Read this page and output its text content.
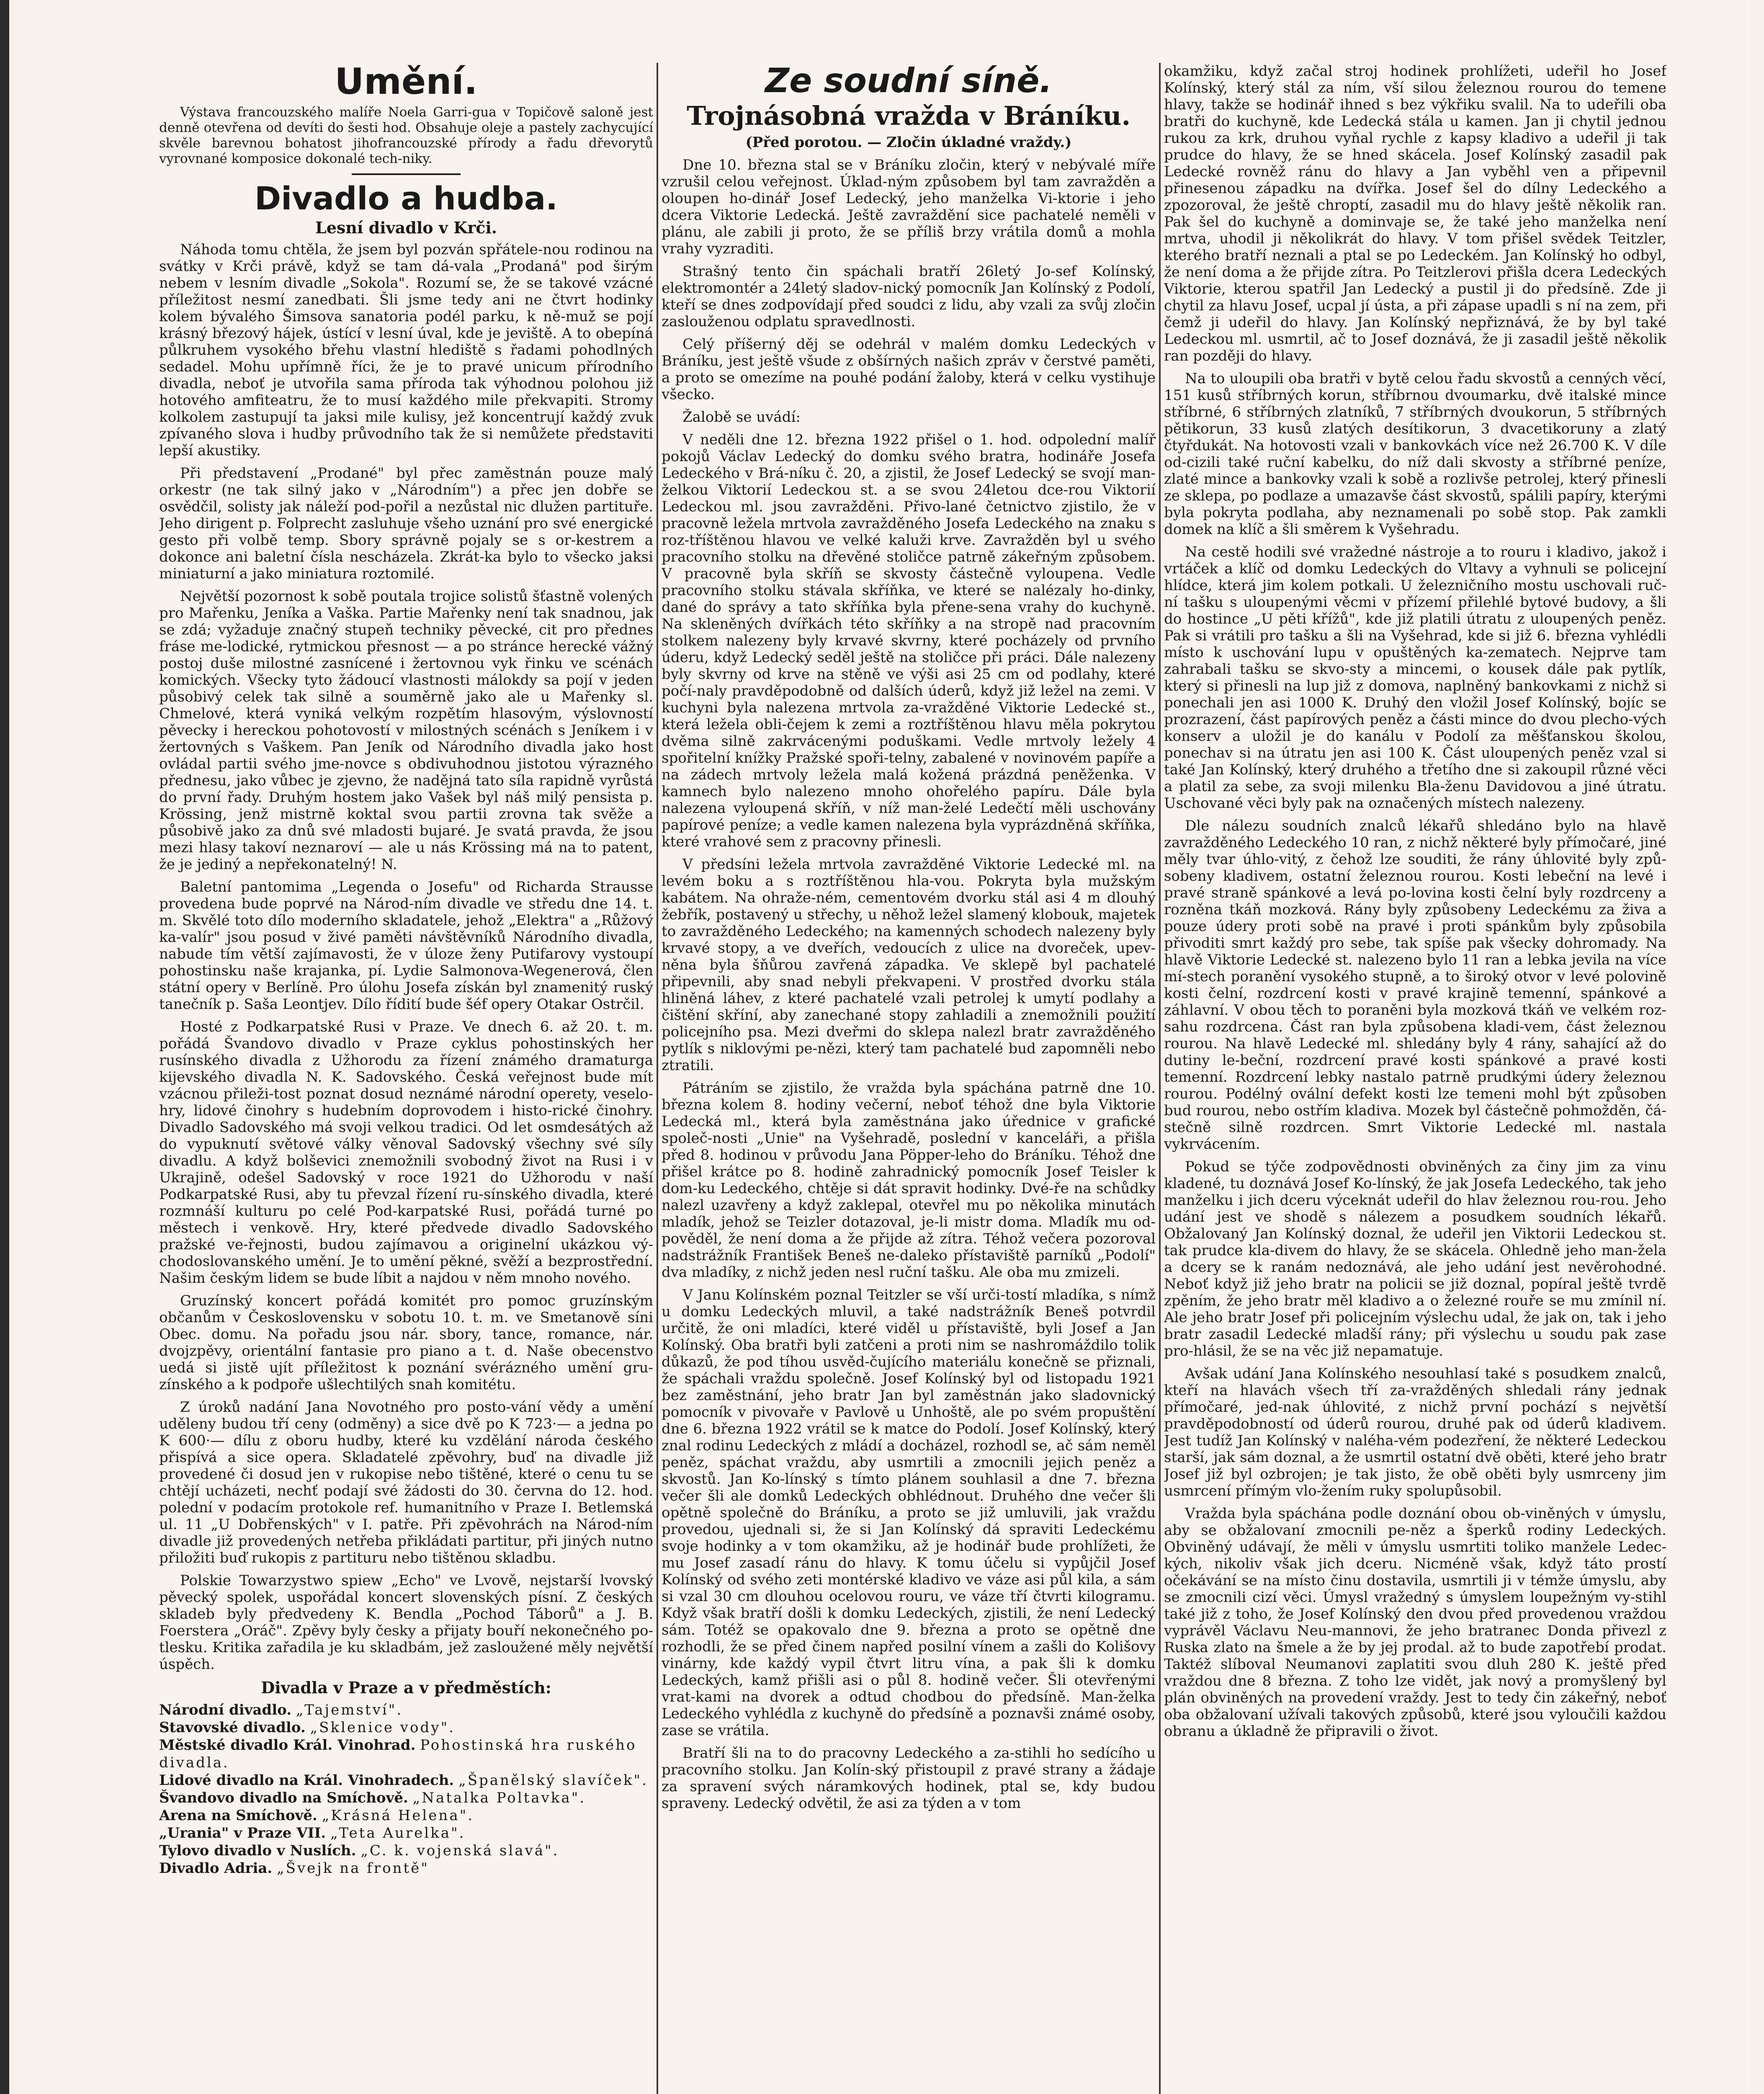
Umění.

Výstava francouzského malíře Noela Garri-gua v Topičově saloně jest denně otevřena od devíti do šesti hod. Obsahuje oleje a pastely zachycující skvěle barevnou bohatost jihofrancouzské přírody a řadu dřevorytů vyrovnané komposice dokonalé tech-niky.

Divadlo a hudba.
Lesní divadlo v Krči.

Náhoda tomu chtěla, že jsem byl pozván spřátele-nou rodinou na svátky v Krči právě, když se tam dá-vala „Prodaná" pod širým nebem v lesním divadle „Sokola". Rozumí se, že se takové vzácné příležitost nesmí zanedbati. Šli jsme tedy ani ne čtvrt hodinky kolem bývalého Šimsova sanatoria podél parku, k ně-muž se pojí krásný březový hájek, ústící v lesní úval, kde je jeviště. A to obepíná půlkruhem vysokého břehu vlastní hlediště s řadami pohodlných sedadel. Mohu upřímně říci, že je to pravé unicum přírodního divadla, neboť je utvořila sama příroda tak výhodnou polohou již hotového amfiteatru, že to musí každého mile překvapiti. Stromy kolkolem zastupují ta jaksi mile kulisy, jež koncentrují každý zvuk zpívaného slova i hudby průvodního tak že si nemůžete představiti lepší akustiky.

Při představení „Prodané" byl přec zaměstnán pouze malý orkestr (ne tak silný jako v „Národním") a přec jen dobře se osvědčil, solisty jak náleží pod-pořil a nezůstal nic dlužen partituře. Jeho dirigent p. Folprecht zasluhuje všeho uznání pro své energické gesto při volbě temp. Sbory správně pojaly se s or-kestrem a dokonce ani baletní čísla nescházela. Zkrát-ka bylo to všecko jaksi miniaturní a jako miniatura roztomilé.

Největší pozornost k sobě poutala trojice solistů šťastně volených pro Mařenku, Jeníka a Vaška. Partie Mařenky není tak snadnou, jak se zdá; vyžaduje značný stupeň techniky pěvecké, cit pro přednes fráse me-lodické, rytmickou přesnost — a po stránce herecké vážný postoj duše milostné zasnícené i žertovnou vyk řinku ve scénách komických. Všecky tyto žádoucí vlastnosti málokdy sa pojí v jeden působivý celek tak silně a souměrně jako ale u Mařenky sl. Chmelové, která vyniká velkým rozpětím hlasovým, výslovností pěvecky i hereckou pohotovostí v milostných scénách s Jeníkem i v žertovných s Vaškem. Pan Jeník od Národního divadla jako host ovládal partii svého jme-novce s obdivuhodnou jistotou výrazného přednesu, jako vůbec je zjevno, že nadějná tato síla rapidně vyrůstá do první řady. Druhým hostem jako Vašek byl náš milý pensista p. Krössing, jenž mistrně koktal svou partii zrovna tak svěže a působivě jako za dnů své mladosti bujaré. Je svatá pravda, že jsou mezi hlasy takoví neznaroví — ale u nás Krössing má na to patent, že je jediný a nepřekonatelný! N.

Baletní pantomima „Legenda o Josefu" od Richarda Strausse provedena bude poprvé na Národ-ním divadle ve středu dne 14. t. m. Skvělé toto dílo moderního skladatele, jehož „Elektra" a „Růžový ka-valír" jsou posud v živé paměti návštěvníků Národního divadla, nabude tím větší zajímavosti, že v úloze ženy Putifarovy vystoupí pohostinsku naše krajanka, pí. Lydie Salmonova-Wegenerová, člen státní opery v Berlíně. Pro úlohu Josefa získán byl znamenitý ruský tanečník p. Saša Leontjev. Dílo řídití bude šéf opery Otakar Ostrčil.

Hosté z Podkarpatské Rusi v Praze. Ve dnech 6. až 20. t. m. pořádá Švandovo divadlo v Praze cyklus pohostinských her rusínského divadla z Užhorodu za řízení známého dramaturga kijevského divadla N. K. Sadovského. Česká veřejnost bude mít vzácnou přileži-tost poznat dosud neznámé národní operety, veselo-hry, lidové činohry s hudebním doprovodem i histo-rické činohry. Divadlo Sadovského má svoji velkou tradici. Od let osmdesátých až do vypuknutí světové války věnoval Sadovský všechny své síly divadlu. A když bolševici znemožnili svobodný život na Rusi i v Ukrajině, odešel Sadovský v roce 1921 do Užhorodu v naší Podkarpatské Rusi, aby tu převzal řízení ru-sínského divadla, které rozmnáší kulturu po celé Pod-karpatské Rusi, pořádá turné po městech i venkově. Hry, které předvede divadlo Sadovského pražské ve-řejnosti, budou zajímavou a originelní ukázkou vý-chodoslovanského umění. Je to umění pěkné, svěží a bezprostřední. Našim českým lidem se bude líbit a najdou v něm mnoho nového.

Gruzínský koncert pořádá komitét pro pomoc gruzínským občanům v Československu v sobotu 10. t. m. ve Smetanově síni Obec. domu. Na pořadu jsou nár. sbory, tance, romance, nár. dvojzpěvy, orientální fantasie pro piano a t. d. Naše obecenstvo uedá si jistě ujít příležitost k poznání svérázného umění gru-zínského a k podpoře ušlechtilých snah komitétu.

Z úroků nadání Jana Novotného pro posto-vání vědy a umění uděleny budou tří ceny (odměny) a sice dvě po K 723·— a jedna po K 600·— dílu z oboru hudby, které ku vzdělání národa českého přispívá a sice opera. Skladatelé zpěvohry, buď na divadle již provedené či dosud jen v rukopise nebo tištěné, které o cenu tu se chtějí ucházeti, nechť podají své žádosti do 30. června do 12. hod. polední v podacím protokole ref. humanitního v Praze I. Betlemská ul. 11 „U Dobřenských" v I. patře. Při zpěvohrách na Národ-ním divadle již provedených netřeba přikládati partitur, při jiných nutno přiložiti buď rukopis z partituru nebo tištěnou skladbu.

Polskie Towarzystwo spiew „Echo" ve Lvově, nejstarší lvovský pěvecký spolek, uspořádal koncert slovenských písní. Z českých skladeb byly předvedeny K. Bendla „Pochod Táborů" a J. B. Foerstera „Oráč". Zpěvy byly česky a přijaty bouří nekonečného po-tlesku. Kritika zařadila je ku skladbám, jež zasloužené měly největší úspěch.

Divadla v Praze a v předměstích:
Národní divadlo. „Tajemství".
Stavovské divadlo. „Sklenice vody".
Městské divadlo Král. Vinohrad. Pohostinská hra ruského divadla.
Lidové divadlo na Král. Vinohradech. „Španělský slavíček".
Švandovo divadlo na Smíchově. „Natalka Poltavka".
Arena na Smíchově. „Krásná Helena".
„Urania" v Praze VII. „Teta Aurelka".
Tylovo divadlo v Nuslích. „C. k. vojenská slavá".
Divadlo Adria. „Švejk na frontě"
Ze soudní síně.
Trojnásobná vražda v Bráníku.
(Před porotou. — Zločin úkladné vraždy.)

Dne 10. března stal se v Bráníku zločin, který v nebývalé míře vzrušil celou veřejnost. Úklad-ným způsobem byl tam zavražděn a oloupen ho-dinář Josef Ledecký, jeho manželka Vi-ktorie i jeho dcera Viktorie Ledecká. Ještě zavraždění sice pachatelé neměli v plánu, ale zabili ji proto, že se příliš brzy vrátila domů a mohla vrahy vyzraditi.

Strašný tento čin spáchali bratří 26letý Jo-sef Kolínský, elektromontér a 24letý sladov-nický pomocník Jan Kolínský z Podolí, kteří se dnes zodpovídají před soudci z lidu, aby vzali za svůj zločin zaslouženou odplatu spravedlnosti.

Celý příšerný děj se odehrál v malém domku Ledeckých v Bráníku, jest ještě všude z obšírných našich zpráv v čerstvé paměti, a proto se omezíme na pouhé podání žaloby, která v celku vystihuje všecko.

Žalobě se uvádí:

V neděli dne 12. března 1922 přišel o 1. hod. odpolední malíř pokojů Václav Ledecký do domku svého bratra, hodináře Josefa Ledeckého v Brá-níku č. 20, a zjistil, že Josef Ledecký se svojí man-želkou Viktorií Ledeckou st. a se svou 24letou dce-rou Viktorií Ledeckou ml. jsou zavražděni. Přivo-lané četnictvo zjistilo, že v pracovně ležela mrtvola zavražděného Josefa Ledeckého na znaku s roz-tříštěnou hlavou ve velké kaluži krve. Zavražděn byl u svého pracovního stolku na dřevěné stoličce patrně zákeřným způsobem. V pracovně byla skříň se skvosty částečně vyloupena. Vedle pracovního stolku stávala skříňka, ve které se nalézaly ho-dinky, dané do správy a tato skříňka byla přene-sena vrahy do kuchyně. Na skleněných dvířkách této skříňky a na stropě nad pracovním stolkem nalezeny byly krvavé skvrny, které pocházely od prvního úderu, když Ledecký seděl ještě na stoličce při práci. Dále nalezeny byly skvrny od krve na stěně ve výši asi 25 cm od podlahy, které počí-naly pravděpodobně od dalších úderů, když již ležel na zemi. V kuchyni byla nalezena mrtvola za-vražděné Viktorie Ledecké st., která ležela obli-čejem k zemi a roztříštěnou hlavu měla pokrytou dvěma silně zakrvácenými poduškami. Vedle mrtvoly ležely 4 spořitelní knížky Pražské spoři-telny, zabalené v novinovém papíře a na zádech mrtvoly ležela malá kožená prázdná peněženka. V kamnech bylo nalezeno mnoho ohořelého papíru. Dále byla nalezena vyloupená skříň, v níž man-želé Ledečtí měli uschovány papírové peníze; a vedle kamen nalezena byla vyprázdněná skříňka, které vrahové sem z pracovny přinesli.

V předsíni ležela mrtvola zavražděné Viktorie Ledecké ml. na levém boku a s roztříštěnou hla-vou. Pokryta byla mužským kabátem. Na ohraže-ném, cementovém dvorku stál asi 4 m dlouhý žebřík, postavený u střechy, u něhož ležel slamený klobouk, majetek to zavražděného Ledeckého; na kamenných schodech nalezeny byly krvavé stopy, a ve dveřích, vedoucích z ulice na dvoreček, upev-něna byla šňůrou zavřená západka. Ve sklepě byl pachatelé připevnili, aby snad nebyli překvapeni. V prostřed dvorku stála hliněná láhev, z které pachatelé vzali petrolej k umytí podlahy a čištění skříní, aby zanechané stopy zahladili a znemožnili použití policejního psa. Mezi dveřmi do sklepa nalezl bratr zavražděného pytlík s niklovými pe-nězi, který tam pachatelé bud zapomněli nebo ztratili.

Pátráním se zjistilo, že vražda byla spáchána patrně dne 10. března kolem 8. hodiny večerní, neboť téhož dne byla Viktorie Ledecká ml., která byla zaměstnána jako úřednice v grafické společ-nosti „Unie" na Vyšehradě, poslední v kanceláři, a přišla před 8. hodinou v průvodu Jana Pöpper-leho do Bráníku. Téhož dne přišel krátce po 8. hodině zahradnický pomocník Josef Teisler k dom-ku Ledeckého, chtěje si dát spravit hodinky. Dvé-ře na schůdky nalezl uzavřeny a když zaklepal, otevřel mu po několika minutách mladík, jehož se Teizler dotazoval, je-li mistr doma. Mladík mu od-pověděl, že není doma a že přijde až zítra. Téhož večera pozoroval nadstrážník František Beneš ne-daleko přístaviště parníků „Podolí" dva mladíky, z nichž jeden nesl ruční tašku. Ale oba mu zmizeli.

V Janu Kolínském poznal Teitzler se vší urči-tostí mladíka, s nímž u domku Ledeckých mluvil, a také nadstrážník Beneš potvrdil určitě, že oni mladíci, které viděl u přístaviště, byli Josef a Jan Kolínský. Oba bratři byli zatčeni a proti nim se nashromáždilo tolik důkazů, že pod tíhou usvěd-čujícího materiálu konečně se přiznali, že spáchali vraždu společně. Josef Kolínský byl od listopadu 1921 bez zaměstnání, jeho bratr Jan byl zaměstnán jako sladovnický pomocník v pivovaře v Pavlově u Unhoště, ale po svém propuštění dne 6. března 1922 vrátil se k matce do Podolí. Josef Kolínský, který znal rodinu Ledeckých z mládí a docházel, rozhodl se, ač sám neměl peněz, spáchat vraždu, aby usmrtili a zmocnili jejich peněz a skvostů. Jan Ko-línský s tímto plánem souhlasil a dne 7. března večer šli ale domků Ledeckých obhlédnout. Druhého dne večer šli opětně společně do Bráníku, a proto se již umluvili, jak vraždu provedou, ujednali si, že si Jan Kolínský dá spraviti Ledeckému svoje hodinky a v tom okamžiku, až je hodinář bude prohlížeti, že mu Josef zasadí ránu do hlavy. K tomu účelu si vypůjčil Josef Kolínský od svého zeti montérské kladivo ve váze asi půl kila, a sám si vzal 30 cm dlouhou ocelovou rouru, ve váze tří čtvrti kilogramu. Když však bratří došli k domku Ledeckých, zjistili, že není Ledecký sám. Totéž se opakovalo dne 9. března a proto se opětně dne rozhodli, že se před činem napřed posilní vínem a zašli do Kolišovy vinárny, kde každý vypil čtvrt litru vína, a pak šli k domku Ledeckých, kamž přišli asi o půl 8. hodině večer. Šli otevřenými vrat-kami na dvorek a odtud chodbou do předsíně. Man-želka Ledeckého vyhlédla z kuchyně do předsíně a poznavši známé osoby, zase se vrátila.

Bratří šli na to do pracovny Ledeckého a za-stihli ho sedícího u pracovního stolku. Jan Kolín-ský přistoupil z pravé strany a žádaje za spravení svých náramkových hodinek, ptal se, kdy budou spraveny. Ledecký odvětil, že asi za týden a v tom

okamžiku, když začal stroj hodinek prohlížeti, udeřil ho Josef Kolínský, který stál za ním, vší silou železnou rourou do temene hlavy, takže se hodinář ihned s bez výkřiku svalil. Na to udeřili oba bratři do kuchyně, kde Ledecká stála u kamen. Jan ji chytil jednou rukou za krk, druhou vyňal rychle z kapsy kladivo a udeřil ji tak prudce do hlavy, že se hned skácela. Josef Kolínský zasadil pak Ledecké rovněž ránu do hlavy a Jan vyběhl ven a připevnil přinesenou západku na dvířka. Josef šel do dílny Ledeckého a zpozoroval, že ještě chroptí, zasadil mu do hlavy ještě několik ran. Pak šel do kuchyně a dominvaje se, že také jeho manželka není mrtva, uhodil ji několikrát do hlavy. V tom přišel svědek Teitzler, kterého bratří neznali a ptal se po Ledeckém. Jan Kolínský ho odbyl, že není doma a že přijde zítra. Po Teitzlerovi přišla dcera Ledeckých Viktorie, kterou spatřil Jan Ledecký a pustil ji do předsíně. Zde ji chytil za hlavu Josef, ucpal jí ústa, a při zápase upadli s ní na zem, při čemž ji udeřil do hlavy. Jan Kolínský nepřiznává, že by byl také Ledeckou ml. usmrtil, ač to Josef doznává, že ji zasadil ještě několik ran později do hlavy.

Na to uloupili oba bratři v bytě celou řadu skvostů a cenných věcí, 151 kusů stříbrných korun, stříbrnou dvoumarku, dvě italské mince stříbrné, 6 stříbrných zlatníků, 7 stříbrných dvoukorun, 5 stříbrných pětikorun, 33 kusů zlatých desítikorun, 3 dvacetikoruny a zlatý čtyřdukát. Na hotovosti vzali v bankovkách více než 26.700 K. V díle od-cizili také ruční kabelku, do níž dali skvosty a stříbrné peníze, zlaté mince a bankovky vzali k sobě a rozlivše petrolej, který přinesli ze sklepa, po podlaze a umazavše část skvostů, spálili papíry, kterými byla pokryta podlaha, aby neznamenali po sobě stop. Pak zamkli domek na klíč a šli směrem k Vyšehradu.

Na cestě hodili své vražedné nástroje a to rouru i kladivo, jakož i vrtáček a klíč od domku Ledeckých do Vltavy a vyhnuli se policejní hlídce, která jim kolem potkali. U železničního mostu uschovali ruč-ní tašku s uloupenými věcmi v přízemí přilehlé bytové budovy, a šli do hostince „U pěti křížů", kde již platili útratu z uloupených peněz. Pak si vrátili pro tašku a šli na Vyšehrad, kde si již 6. března vyhlédli místo k uschování lupu v opuštěných ka-zematech. Nejprve tam zahrabali tašku se skvo-sty a mincemi, o kousek dále pak pytlík, který si přinesli na lup již z domova, naplněný bankovkami z nichž si ponechali jen asi 1000 K. Druhý den vložil Josef Kolínský, bojíc se prozrazení, část papírových peněz a části mince do dvou plecho-vých konserv a uložil je do kanálu v Podolí za měšťanskou školou, ponechav si na útratu jen asi 100 K. Část uloupených peněz vzal si také Jan Kolínský, který druhého a třetího dne si zakoupil různé věci a platil za sebe, za svoji milenku Bla-ženu Davidovou a jiné útratu. Uschované věci byly pak na označených místech nalezeny.

Dle nálezu soudních znalců lékařů shledáno bylo na hlavě zavražděného Ledeckého 10 ran, z nichž některé byly přímočaré, jiné měly tvar úhlo-vitý, z čehož lze souditi, že rány úhlovité byly způ-sobeny kladivem, ostatní železnou rourou. Kosti lebeční na levé i pravé straně spánkové a levá po-lovina kosti čelní byly rozdrceny a rozněna tkáň mozková. Rány byly způsobeny Ledeckému za živa a pouze údery proti sobě na pravé i proti spánkům byly způsobila přivoditi smrt každý pro sebe, tak spíše pak všecky dohromady. Na hlavě Viktorie Ledecké st. nalezeno bylo 11 ran a lebka jevila na více mí-stech poranění vysokého stupně, a to široký otvor v levé polovině kosti čelní, rozdrcení kosti v pravé krajině temenní, spánkové a záhlavní. V obou těch to poraněni byla mozková tkáň ve velkém roz-sahu rozdrcena. Část ran byla způsobena kladi-vem, část železnou rourou. Na hlavě Ledecké ml. shledány byly 4 rány, sahající až do dutiny le-beční, rozdrcení pravé kosti spánkové a pravé kosti temenní. Rozdrcení lebky nastalo patrně prudkými údery železnou rourou. Podélný ovální defekt kosti lze temeni mohl být způsoben bud rourou, nebo ostřím kladiva. Mozek byl částečně pohmožděn, čá-stečně silně rozdrcen. Smrt Viktorie Ledecké ml. nastala vykrvácením.

Pokud se týče zodpovědnosti obviněných za činy jim za vinu kladené, tu doznává Josef Ko-línský, že jak Josefa Ledeckého, tak jeho manželku i jich dceru výceknát udeřil do hlav železnou rou-rou. Jeho udání jest ve shodě s nálezem a posudkem soudních lékařů. Obžalovaný Jan Kolínský doznal, že udeřil jen Viktorii Ledeckou st. tak prudce kla-divem do hlavy, že se skácela. Ohledně jeho man-žela a dcery se k ranám nedoznává, ale jeho udání jest nevěrohodné. Neboť když již jeho bratr na policii se již doznal, popíral ještě tvrdě zpěním, že jeho bratr měl kladivo a o železné rouře se mu zmínil ní. Ale jeho bratr Josef při policejním výslechu udal, že jak on, tak i jeho bratr zasadil Ledecké mladší rány; při výslechu u soudu pak zase pro-hlásil, že se na věc již nepamatuje.

Avšak udání Jana Kolínského nesouhlasí také s posudkem znalců, kteří na hlavách všech tří za-vražděných shledali rány jednak přímočaré, jed-nak úhlovité, z nichž první pochází s největší pravděpodobností od úderů rourou, druhé pak od úderů kladivem. Jest tudíž Jan Kolínský v naléha-vém podezření, že některé Ledeckou starší, jak sám doznal, a že usmrtil ostatní dvě oběti, které jeho bratr Josef již byl ozbrojen; je tak jisto, že obě oběti byly usmrceny jim usmrcení přímým vlo-žením ruky spolupůsobil.

Vražda byla spáchána podle doznání obou ob-viněných v úmyslu, aby se obžalovaní zmocnili pe-něz a šperků rodiny Ledeckých. Obviněný udávají, že měli v úmyslu usmrtiti toliko manžele Ledec-kých, nikoliv však jich dceru. Nicméně však, když táto prostí očekávání se na místo činu dostavila, usmrtili ji v témže úmyslu, aby se zmocnili cizí věci. Úmysl vražedný s úmyslem loupežným vy-stihl také již z toho, že Josef Kolínský den dvou před provedenou vraždou vyprávěl Václavu Neu-mannovi, že jeho bratranec Donda přivezl z Ruska zlato na šmele a že by jej prodal. až to bude zapotřebí prodat. Taktéž slíboval Neumanovi zaplatiti svou dluh 280 K. ještě před vraždou dne 8 března. Z toho lze vidět, jak nový a promyšlený byl plán obviněných na provedení vraždy. Jest to tedy čin zákeřný, neboť oba obžalovaní užívali takových způsobů, které jsou vyloučili každou obranu a úkladně že připravili o život.
